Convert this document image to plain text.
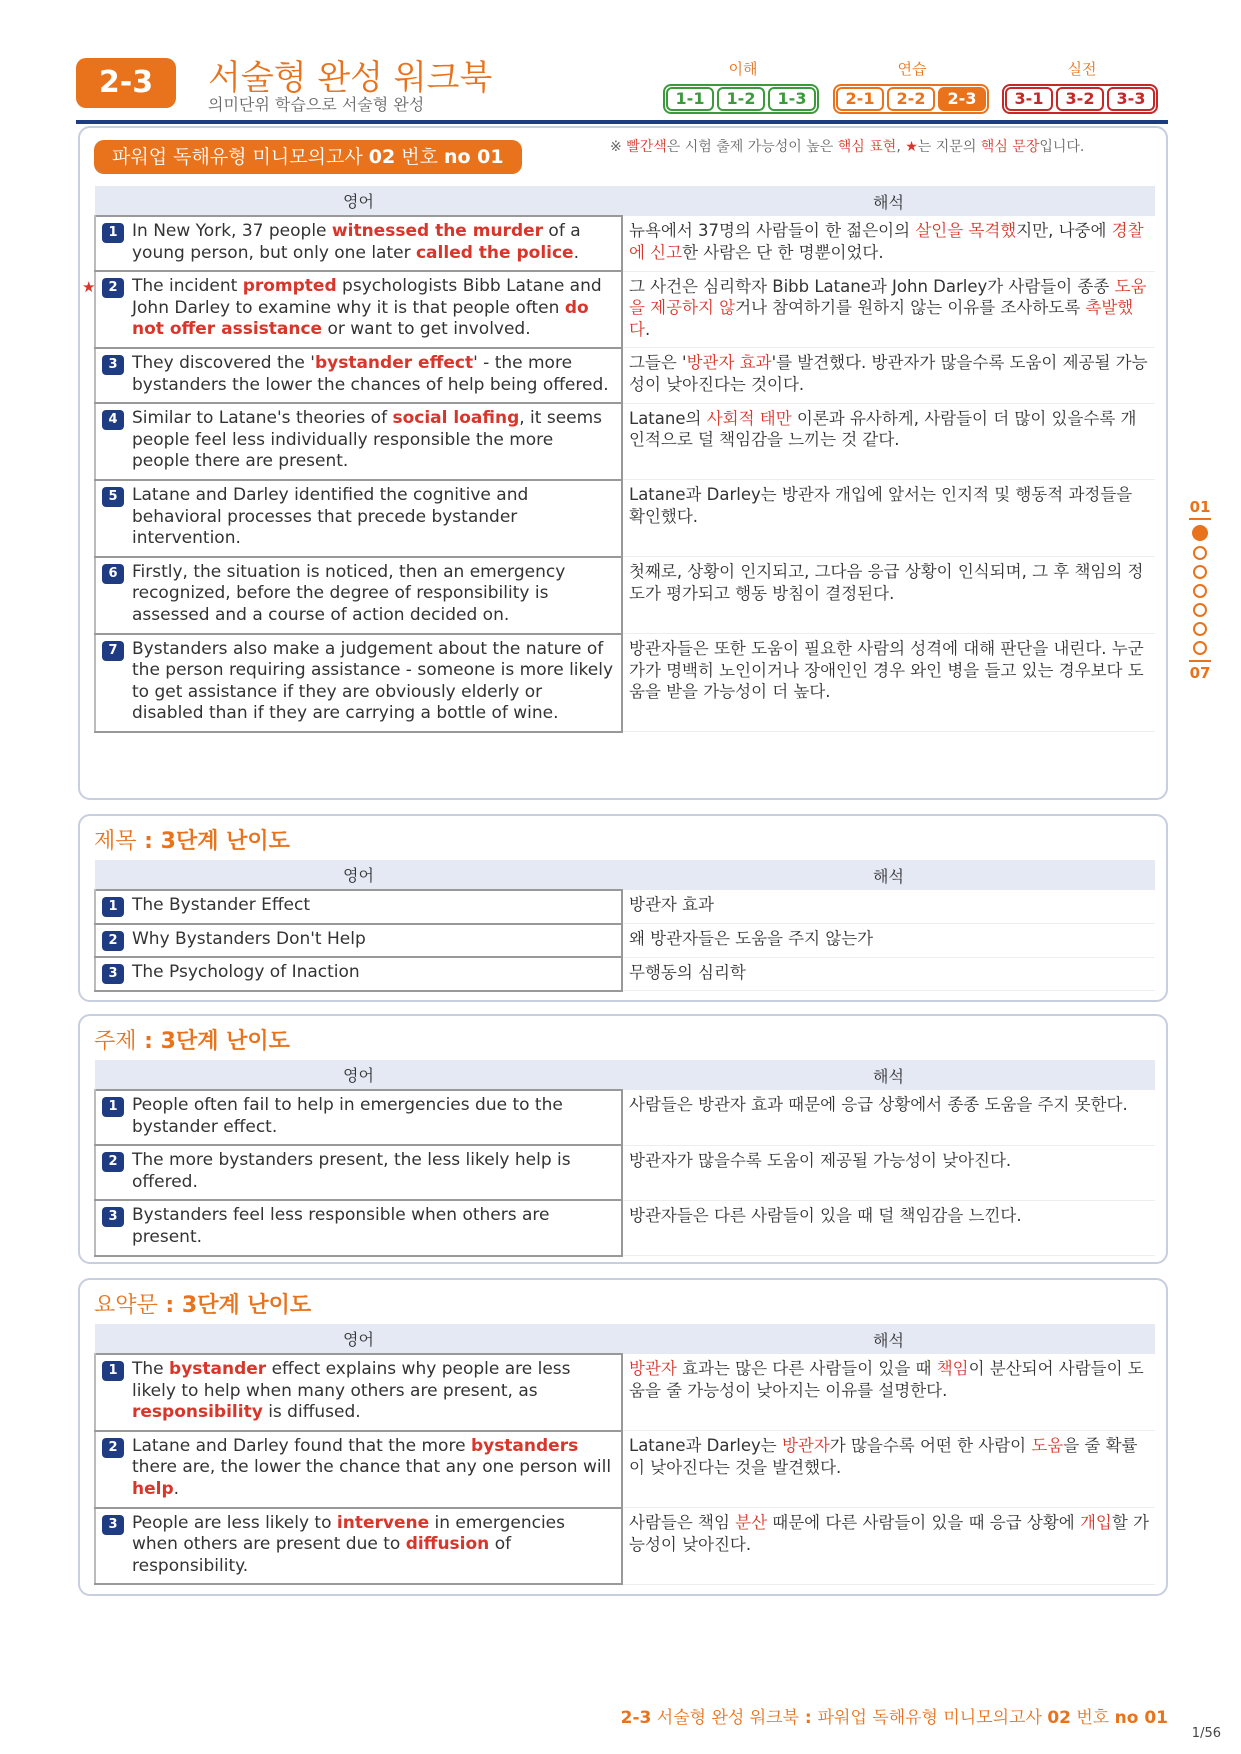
2-3	서술형 완성 워크북
의미단위 학습으로 서술형 완성
이해	연습	실전
1-1	1-2	1-3	2-1	2-2	2-3	3-1	3-2	3-3
파워업 독해유형 미니모의고사 02 번호 no 01	※ 빨간색은 시험 출제 가능성이 높은 핵심 표현, ★는 지문의 핵심 문장입니다.
영어	해석

1 In New York, 37 people witnessed the murder of a young person, but only one later called the police.	뉴욕에서 37명의 사람들이 한 젊은이의 살인을 목격했지만, 나중에 경찰에 신고한 사람은 단 한 명뿐이었다.

★ 2 The incident prompted psychologists Bibb Latane and John Darley to examine why it is that people often do not offer assistance or want to get involved.	그 사건은 심리학자 Bibb Latane과 John Darley가 사람들이 종종 도움을 제공하지 않거나 참여하기를 원하지 않는 이유를 조사하도록 촉발했다.

3 They discovered the 'bystander effect' - the more bystanders the lower the chances of help being offered.	그들은 '방관자 효과'를 발견했다. 방관자가 많을수록 도움이 제공될 가능성이 낮아진다는 것이다.

4 Similar to Latane's theories of social loafing, it seems people feel less individually responsible the more people there are present.	Latane의 사회적 태만 이론과 유사하게, 사람들이 더 많이 있을수록 개인적으로 덜 책임감을 느끼는 것 같다.

5 Latane and Darley identified the cognitive and behavioral processes that precede bystander intervention.	Latane과 Darley는 방관자 개입에 앞서는 인지적 및 행동적 과정들을 확인했다.

6 Firstly, the situation is noticed, then an emergency recognized, before the degree of responsibility is assessed and a course of action decided on.	첫째로, 상황이 인지되고, 그다음 응급 상황이 인식되며, 그 후 책임의 정도가 평가되고 행동 방침이 결정된다.

7 Bystanders also make a judgement about the nature of the person requiring assistance - someone is more likely to get assistance if they are obviously elderly or disabled than if they are carrying a bottle of wine.	방관자들은 또한 도움이 필요한 사람의 성격에 대해 판단을 내린다. 누군가가 명백히 노인이거나 장애인인 경우 와인 병을 들고 있는 경우보다 도움을 받을 가능성이 더 높다.
제목 : 3단계 난이도
영어	해석

1 The Bystander Effect	방관자 효과

2 Why Bystanders Don't Help	왜 방관자들은 도움을 주지 않는가

3 The Psychology of Inaction	무행동의 심리학
주제 : 3단계 난이도
영어	해석

1 People often fail to help in emergencies due to the bystander effect.	사람들은 방관자 효과 때문에 응급 상황에서 종종 도움을 주지 못한다.

2 The more bystanders present, the less likely help is offered.	방관자가 많을수록 도움이 제공될 가능성이 낮아진다.

3 Bystanders feel less responsible when others are present.	방관자들은 다른 사람들이 있을 때 덜 책임감을 느낀다.
요약문 : 3단계 난이도
영어	해석

1 The bystander effect explains why people are less likely to help when many others are present, as responsibility is diffused.	방관자 효과는 많은 다른 사람들이 있을 때 책임이 분산되어 사람들이 도움을 줄 가능성이 낮아지는 이유를 설명한다.

2 Latane and Darley found that the more bystanders there are, the lower the chance that any one person will help.	Latane과 Darley는 방관자가 많을수록 어떤 한 사람이 도움을 줄 확률이 낮아진다는 것을 발견했다.

3 People are less likely to intervene in emergencies when others are present due to diffusion of responsibility.	사람들은 책임 분산 때문에 다른 사람들이 있을 때 응급 상황에 개입할 가능성이 낮아진다.
01
07
2-3 서술형 완성 워크북 : 파워업 독해유형 미니모의고사 02 번호 no 01
1/56
